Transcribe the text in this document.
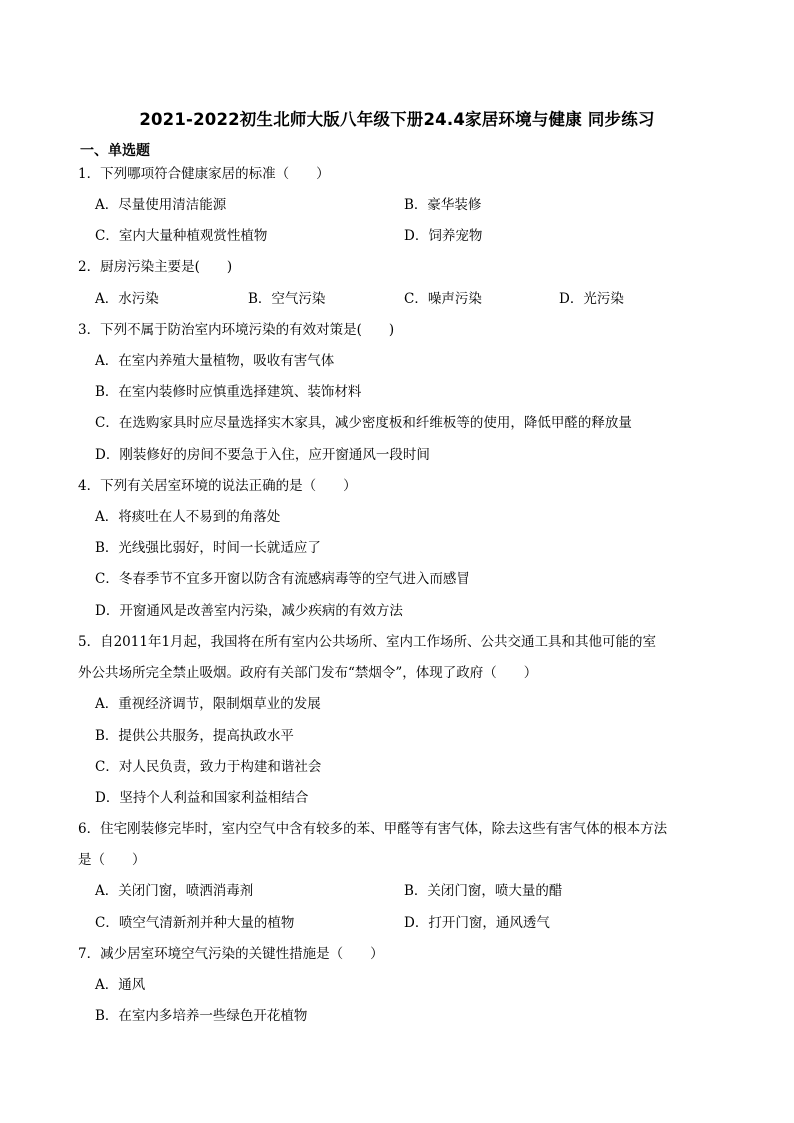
2021-2022初生北师大版八年级下册24.4家居环境与健康 同步练习
一、单选题
1．下列哪项符合健康家居的标准（　　）
A．尽量使用清洁能源	B．豪华装修
C．室内大量种植观赏性植物	D．饲养宠物
2．厨房污染主要是(　　)
A．水污染	B．空气污染	C．噪声污染	D．光污染
3．下列不属于防治室内环境污染的有效对策是(　　)
A．在室内养殖大量植物，吸收有害气体
B．在室内装修时应慎重选择建筑、装饰材料
C．在选购家具时应尽量选择实木家具，减少密度板和纤维板等的使用，降低甲醛的释放量
D．刚装修好的房间不要急于入住，应开窗通风一段时间
4．下列有关居室环境的说法正确的是（　　）
A．将痰吐在人不易到的角落处
B．光线强比弱好，时间一长就适应了
C．冬春季节不宜多开窗以防含有流感病毒等的空气进入而感冒
D．开窗通风是改善室内污染，减少疾病的有效方法
5．自2011年1月起，我国将在所有室内公共场所、室内工作场所、公共交通工具和其他可能的室
外公共场所完全禁止吸烟。政府有关部门发布“禁烟令”，体现了政府（　　）
A．重视经济调节，限制烟草业的发展
B．提供公共服务，提高执政水平
C．对人民负责，致力于构建和谐社会
D．坚持个人利益和国家利益相结合
6．住宅刚装修完毕时，室内空气中含有较多的苯、甲醛等有害气体，除去这些有害气体的根本方法
是（　　）
A．关闭门窗，喷洒消毒剂	B．关闭门窗，喷大量的醋
C．喷空气清新剂并种大量的植物	D．打开门窗，通风透气
7．减少居室环境空气污染的关键性措施是（　　）
A．通风
B．在室内多培养一些绿色开花植物
